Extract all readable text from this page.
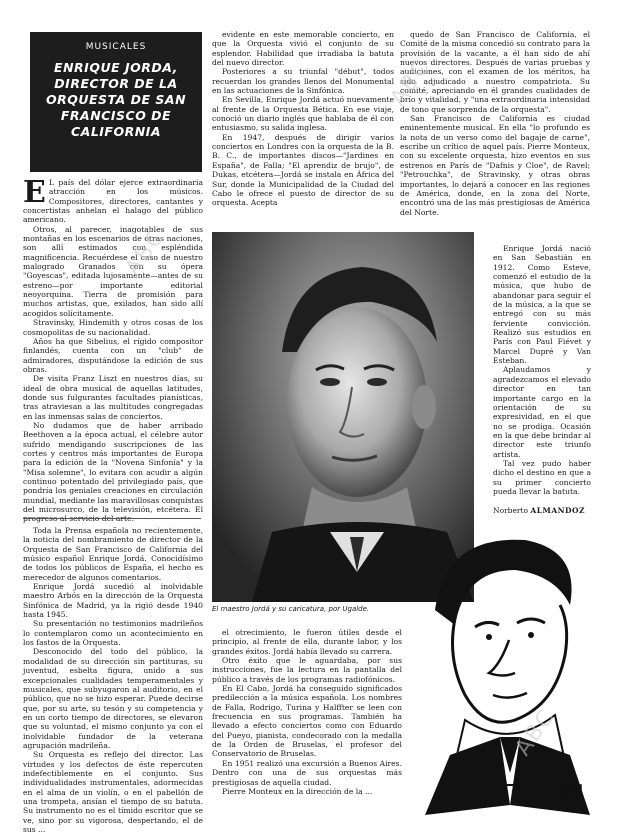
MUSICALES
ENRIQUE JORDA, DIRECTOR DE LA ORQUESTA DE SAN FRANCISCO DE CALIFORNIA

E L país del dólar ejerce extraordinaria atracción en los músicos. Compositores, directores, cantantes y concertistas anhelan el halago del público americano.

Otros, al parecer, inagotables de sus montañas en los escenarios de otras naciones, son allí estimados con espléndida magnificencia. Recuérdese el caso de nuestro malogrado Granados con su ópera "Goyescas", editada lujosamente—antes de su estreno—por importante editorial neoyorquina. Tierra de promisión para muchos artistas, que, exilados, han sido allí acogidos solícitamente.

Stravinsky, Hindemith y otros cosas de los cosmopolitas de su nacionalidad.

Años ha que Sibelius, el rígido compositor finlandés, cuenta con un "club" de admiradores, disputándose la edición de sus obras.

De visita Franz Liszt en nuestros días, su ideal de obra musical de aquellas latitudes, donde sus fulgurantes facultades pianísticas, tras atraviesan a las multitudes congregadas en las inmensas salas de conciertos.

No dudamos que de haber arribado Beethoven a la época actual, el célebre autor sufrido mendigando suscripciones de las cortes y centros más importantes de Europa para la edición de la "Novena Sinfonía" y la "Misa solemne", lo evitara con acudir a algún continuo potentado del privilegiado país, que pondría los geniales creaciones en circulación mundial, mediante las maravillosas conquistas del microsurco, de la televisión, etcétera. El

Toda la Prensa española no recientemente, la noticia del nombramiento de director de la Orquesta de San Francisco de California del músico español Enrique Jordá. Conocidísimo de todos los públicos de España, el hecho es merecedor de algunos comentarios.

Enrique Jordá sucedió al inolvidable maestro Arbós en la dirección de la Orquesta Sinfónica de Madrid, ya la rigió desde 1940 hasta 1945.

Su presentación no testimonios madrileños lo contemplaron como un acontecimiento en los fastos de la Orquesta.

Desconocido del todo del público, la modalidad de su dirección sin partituras, su juventud, esbelta figura, unido a sus excepcionales cualidades temperamentales y musicales, que subyugaron al auditorio, en el público, que no se hizo esperar. Puede decirse que, por su arte, su tesón y su competencia y en un corto tiempo de directores, se elevaron que su voluntad, el mismo conjunto ya con el inolvidable fundador de la veterana agrupación madrileña.

Su Orquesta es reflejo del director. Las virtudes y los defectos de éste repercuten indefectiblemente en el conjunto. Sus individualidades instrumentales, adormecidas en el alma de un violín, o en el pabellón de una trompeta, ansían el tiempo de su batuta. Su instrumento no es el tímido escritor que se ve, sino por su vigorosa, despertando, el de sus ...

evidente en este memorable concierto, en que la Orquesta vivió el conjunto de su esplendor. Habilidad que irradiaba la batuta del nuevo director.

Posteriores a su triunfal "début", todos recuerdan los grandes llenos del Monumental en las actuaciones de la Sinfónica.

En Sevilla, Enrique Jordá actuó nuevamente al frente de la Orquesta Bética. En ese viaje, conoció un diario inglés que hablaba de él con entusiasmo, su salida inglesa.

En 1947, después de dirigir varios conciertos en Londres con la orquesta de la B. B. C., de importantes discos—"Jardines en España", de Falla; "El aprendiz de brujo", de Dukas, etcétera—Jordá se instala en África del Sur, donde la Municipalidad de la Ciudad del Cabo le ofrece el puesto de director de su orquesta. Acepta

quedo de San Francisco de California, el Comité de la misma concedió su contrato para la provisión de la vacante, a él han sido de ahí nuevos directores. Después de varias pruebas y audiciones, con el examen de los méritos, ha sido adjudicado a nuestro compatriota. Su comité, apreciando en él grandes cualidades de brío y vitalidad, y "una extraordinaria intensidad de tono que sorprenda de la orquesta".

San Francisco de California es ciudad eminentemente musical. En ella "lo profundo es la nota de un verso como del bagaje de carne", escribe un crítico de aquel país. Pierre Monteux, con su excelente orquesta, hizo eventos en sus estrenos en París de "Dafnis y Cloe", de Ravel; "Petrouchka", de Stravinsky, y otras obras importantes, lo dejará a conocer en las regiones de América, donde, en la zona del Norte, encontró una de las más prestigiosas de América del Norte.

Enrique Jordá nació en San Sebastián en 1912. Como Esteve, comenzó el estudio de la música, que hubo de abandonar para seguir el de la música, a la que se entregó con su más ferviente convicción. Realizó sus estudios en París con Paul Fiévet y Marcel Dupré y Van Esteban.

Aplaudamos y agradezcamos el elevado director en tan importante cargo en la orientación de su expresividad, en el que no se prodiga. Ocasión en la que debe brindar al director este triunfo artista.

Tal vez pudo haber dicho el destino en que a su primer concierto pueda llevar la batuta.

Norberto ALMANDOZ
El maestro Jordá y su caricatura, por Ugalde.

el otrecimiento, le fueron útiles desde el principio, al frente de ella, durante labor, y los grandes éxitos. Jordá había llevado su carrera.

Otro éxito que le aguardaba, por sus instrucciones, fue la lectura en la pantalla del público a través de los programas radiofónicos.

En El Cabo, Jordá ha conseguido significados predilección a la música española. Los nombres de Falla, Rodrigo, Turina y Halffter se leen con frecuencia en sus programas. También ha llevado a efecto conciertos como con Eduardo del Pueyo, pianista, condecorado con la medalla de la Orden de Bruselas, el profesor del Conservatorio de Bruselas.

En 1951 realizó una excursión a Buenos Aires. Dentro con una de sus orquestas más prestigiosas de aquella ciudad.

Pierre Monteux en la dirección de la ...

ABC
ABC
ABC
